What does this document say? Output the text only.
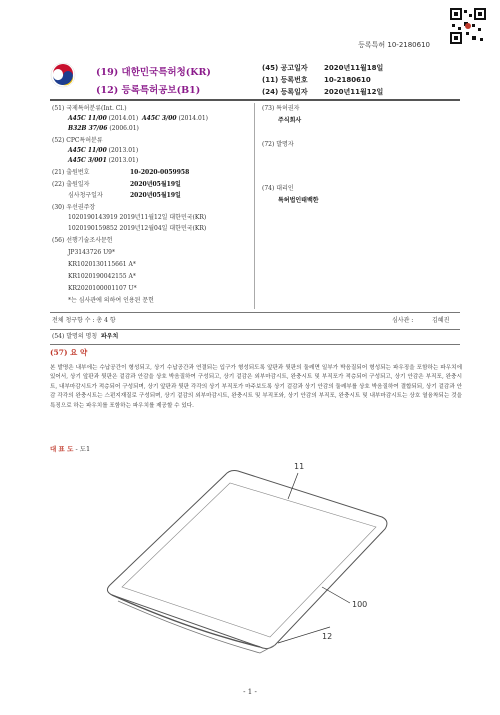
등록특허 10-2180610
(19) 대한민국특허청(KR)
(12) 등록특허공보(B1)
(45) 공고일자 2020년11월18일
(11) 등록번호 10-2180610
(24) 등록일자 2020년11월12일
(51) 국제특허분류(Int. Cl.)
A45C 11/00 (2014.01) A45C 3/00 (2014.01)
B32B 37/06 (2006.01)
(52) CPC특허분류
A45C 11/00 (2013.01)
A45C 3/001 (2013.01)
(21) 출원번호	10-2020-0059958
(22) 출원일자	2020년05월19일
심사청구일자	2020년05월19일
(30) 우선권주장
1020190143919 2019년11월12일 대한민국(KR)
1020190159852 2019년12월04일 대한민국(KR)
(56) 선행기술조사문헌
JP3143726 U9*
KR1020130115661 A*
KR1020190042155 A*
KR2020100001107 U*
*는 심사관에 의하여 인용된 문헌
(73) 특허권자
주식회사
(72) 발명자
(74) 대리인
특허법인태백한
전체 청구항 수 : 총 4 항	심사관 :	김혜진
(54) 발명의 명칭 파우치
(57) 요 약
본 발명은 내부에는 수납공간이 형성되고, 상기 수납공간과 연결되는 입구가 형성되도록 앞판과 뒷판의 둘레면 일부가 박음질되어 형성되는 파우징을 포함하는 파우치에 있어서, 상기 앞판과 뒷판은 겉감과 안감을 상호 박음질하여 구성되고, 상기 겉감은 외부마감시트, 완충시트 및 부직포가 적층되어 구성되고, 상기 안감은 부직포, 완충시트, 내부마감시트가 적층되어 구성되며, 상기 앞판과 뒷판 각각의 상기 부직포가 마주보도록 상기 겉감과 상기 안감의 둘레부를 상호 박음질하여 결합되되, 상기 겉감과 안감 각각의 완충시트는 스펀지재질로 구성되며, 상기 겉감의 외부마감시트, 완충시트 및 부직포와, 상기 안감의 부직포, 완충시트 및 내부마감시트는 상호 열융착되는 것을 특징으로 하는 파우치를 포함하는 파우치를 제공할 수 있다.
대 표 도 - 도1
11
100
12
- 1 -
